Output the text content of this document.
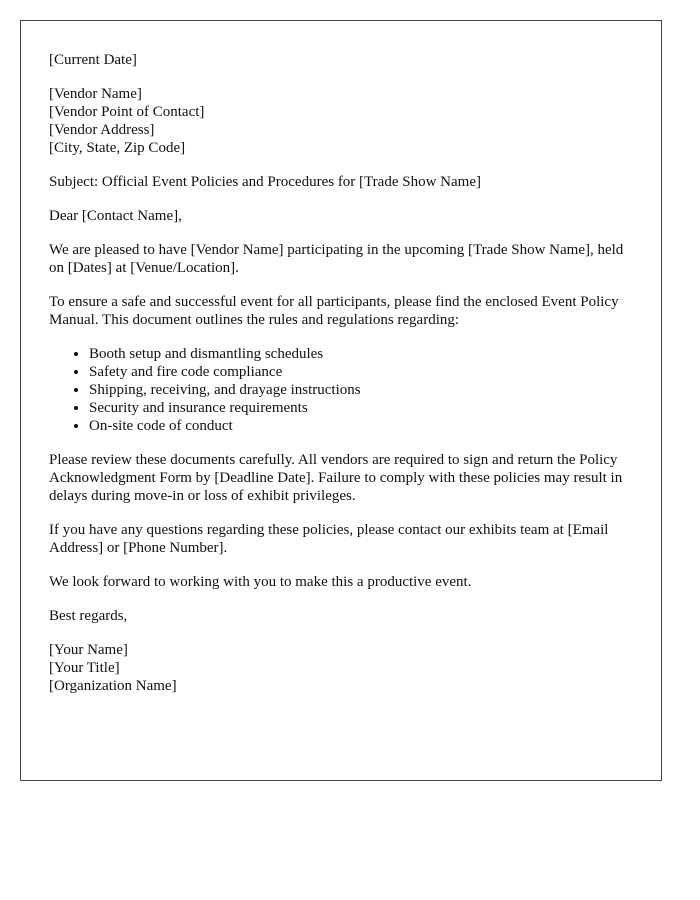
[Current Date]

[Vendor Name]
[Vendor Point of Contact]
[Vendor Address]
[City, State, Zip Code]

Subject: Official Event Policies and Procedures for [Trade Show Name]

Dear [Contact Name],

We are pleased to have [Vendor Name] participating in the upcoming [Trade Show Name], held on [Dates] at [Venue/Location].

To ensure a safe and successful event for all participants, please find the enclosed Event Policy Manual. This document outlines the rules and regulations regarding:

• Booth setup and dismantling schedules
• Safety and fire code compliance
• Shipping, receiving, and drayage instructions
• Security and insurance requirements
• On-site code of conduct

Please review these documents carefully. All vendors are required to sign and return the Policy Acknowledgment Form by [Deadline Date]. Failure to comply with these policies may result in delays during move-in or loss of exhibit privileges.

If you have any questions regarding these policies, please contact our exhibits team at [Email Address] or [Phone Number].

We look forward to working with you to make this a productive event.

Best regards,

[Your Name]
[Your Title]
[Organization Name]
